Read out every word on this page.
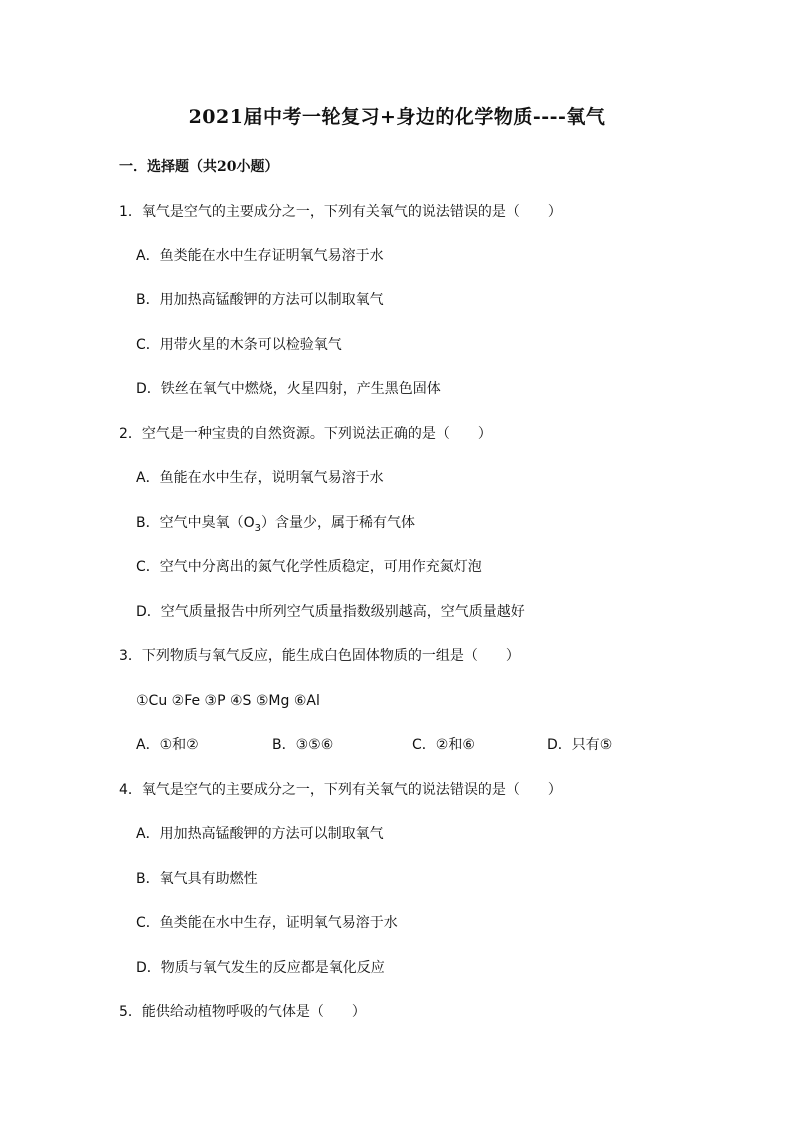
2021届中考一轮复习+身边的化学物质----氧气
一．选择题（共20小题）
1．氧气是空气的主要成分之一，下列有关氧气的说法错误的是（　　）
A．鱼类能在水中生存证明氧气易溶于水
B．用加热高锰酸钾的方法可以制取氧气
C．用带火星的木条可以检验氧气
D．铁丝在氧气中燃烧，火星四射，产生黑色固体
2．空气是一种宝贵的自然资源。下列说法正确的是（　　）
A．鱼能在水中生存，说明氧气易溶于水
B．空气中臭氧$(O_3)$含量少，属于稀有气体
C．空气中分离出的氮气化学性质稳定，可用作充氮灯泡
D．空气质量报告中所列空气质量指数级别越高，空气质量越好
3．下列物质与氧气反应，能生成白色固体物质的一组是（　　）
①Cu ②Fe ③P ④S ⑤Mg ⑥Al
A．①和②	B．③⑤⑥	C．②和⑥	D．只有⑤
4．氧气是空气的主要成分之一，下列有关氧气的说法错误的是（　　）
A．用加热高锰酸钾的方法可以制取氧气
B．氧气具有助燃性
C．鱼类能在水中生存，证明氧气易溶于水
D．物质与氧气发生的反应都是氧化反应
5．能供给动植物呼吸的气体是（　　）
